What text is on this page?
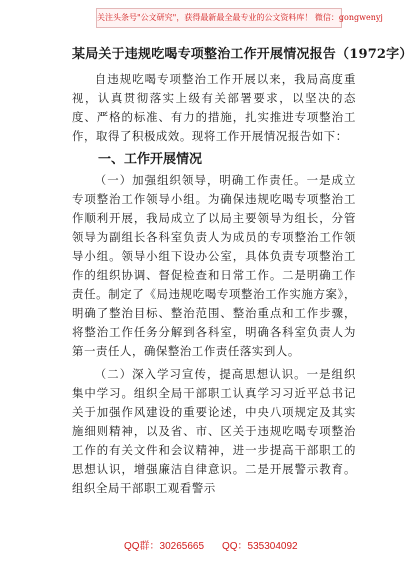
关注头条号"公文研究"，获得最新最全最专业的公文资料库！ 微信：gongwenyj

某局关于违规吃喝专项整治工作开展情况报告（1972字）

自违规吃喝专项整治工作开展以来，我局高度重视，认真贯彻落实上级有关部署要求，以坚决的态度、严格的标准、有力的措施，扎实推进专项整治工作，取得了积极成效。现将工作开展情况报告如下：

一、工作开展情况

（一）加强组织领导，明确工作责任。一是成立专项整治工作领导小组。为确保违规吃喝专项整治工作顺利开展，我局成立了以局主要领导为组长，分管领导为副组长各科室负责人为成员的专项整治工作领导小组。领导小组下设办公室，具体负责专项整治工作的组织协调、督促检查和日常工作。二是明确工作责任。制定了《局违规吃喝专项整治工作实施方案》，明确了整治目标、整治范围、整治重点和工作步骤，将整治工作任务分解到各科室，明确各科室负责人为第一责任人，确保整治工作责任落实到人。

（二）深入学习宣传，提高思想认识。一是组织集中学习。组织全局干部职工认真学习习近平总书记关于加强作风建设的重要论述，中央八项规定及其实施细则精神，以及省、市、区关于违规吃喝专项整治工作的有关文件和会议精神，进一步提高干部职工的思想认识，增强廉洁自律意识。二是开展警示教育。组织全局干部职工观看警示

QQ群：30265665 QQ：535304092
